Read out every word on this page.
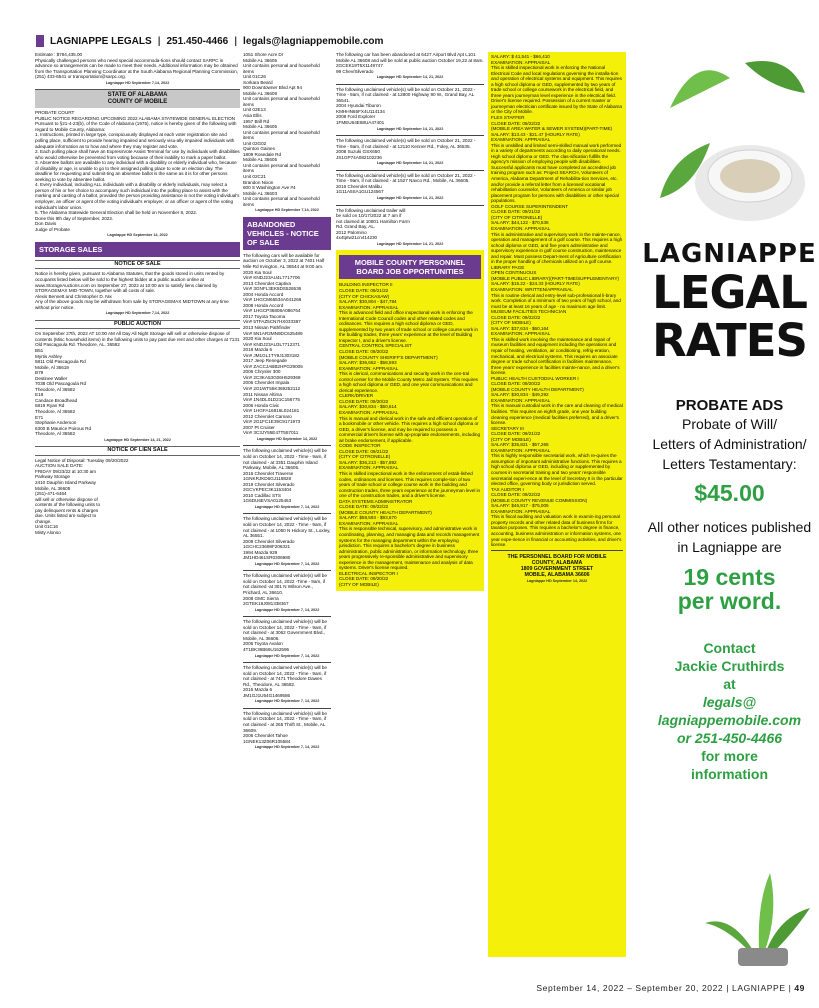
LAGNIAPPE LEGALS | 251.450-4466 | legals@lagniappemobile.com

Estimate : $794,435.00
Physically challenged persons who need special accommoda-tions should contact SARPC in advance so arrangements can be made to meet their needs. Additional information may be obtained from the Transportation Planning Coordinator at the South Alabama Regional Planning Commission, (251) 433-6541 or transportation@sarpc.org.

Lagniappe HD September 7,14, 2022

STATE OF ALABAMA
COUNTY OF MOBILE

PROBATE COURT
PUBLIC NOTICE REGARDING UPCOMING 2022 ALABAMA STATEWIDE GENERAL ELECTION
Pursuant to §21-4-23(b), of the Code of Alabama (1975), notice is hereby given of the following with regard to Mobile County, Alabama:
1. Instructions, printed in large type, conspicuously displayed at each voter registration site and polling place, sufficient to provide hearing impaired and seriously visu-ally impaired individuals with adequate information as to how and where they may register and vote.
2. Each polling place shall have an ExpressVote Assist Terminal for use by individuals with disabilities who would otherwise be prevented from voting because of their inability to mark a paper ballot.
3. Absentee ballots are available to any individual with a disability or elderly individual who, because of disability or age, is unable to go to their assigned polling place to vote on election day. The deadline for requesting and submit-ting an absentee ballot is the same as it is for other persons seeking to vote by absentee ballot.
4. Every individual, including ALL individuals with a disability or elderly individuals, may select a person of his or her choice to accompany such individual into the polling place to assist with the marking and casting of a ballot, provided the person providing assistance is not the voting individual's employer, an officer or agent of the voting individual's employer, or an officer or agent of the voting individual's labor union.
5. The Alabama Statewide General Election shall be held on November 8, 2022.
Done this 9th day of September, 2022.
Don Davis
Judge of Probate

Lagniappe HD September 14, 2022
STORAGE SALES
NOTICE OF SALE

Notice is hereby given, pursuant to Alabama Statutes, that the goods stored in units rented by occupants listed below will be sold to the highest bidder at a public auction online at www.StorageAuctions.com on September 27, 2022 at 10:00 am to satisfy liens claimed by STORAGEMAX MID-TOWN, together with all costs of sale.
Alexis Bennett and Christopher D. Nix
Any of the above goods may be withdrawn from sale by STORAGEMAX MIDTOWN at any time without prior notice.

Lagniappe HD September 7,14, 2022
PUBLIC AUCTION

On September 27th, 2022 AT 10:00 AM All Day All Night Storage will sell or otherwise dispose of contents (Misc household items) in the following units to pay past due rent and other charges at 7131 Old Pascagoula Rd. Theodore, AL. 36582
B51
Myrtis Ashley
5811 Old Pascagoula Rd
Mobile, Al 36619
B79
Destinee Waller
7038 Old Pascagoula Rd
Theodore, Al 36582
E18
Candace Broadhead
6819 Ryan Rd
Theodore, Al 36582
E71
Stephanie Anderson
6300 B Maurice Poiroux Rd
Theodore, Al 36582

Lagniappe HD September 14, 21, 2022
NOTICE OF LIEN SALE

Legal Notice of Disposal: Tuesday 09/20/2022
AUCTION SALE DATE:
FRIDAY 09/23/22 at 10:30 am
Parkway Storage
2410 Dauphin Island Parkway
Mobile, AL 36605
(251)-471-6464
will sell or otherwise dispose of
contents of the following units to
pay delinquent rents & charges
due. Units listed are subject to
change.
Unit 01C16
Misty Alonso

1051 Shore Acre Dr
Mobile AL 36605
Unit contains personal and household items
Unit 01C26
Sorkara Beard
900 Downtowner Blvd Apt 94
Mobile AL 36609
Unit contains personal and household items
Unit 02E13
Asia Ellis
1957 Brill Rd
Mobile AL 36605
Unit contains personal and household items
Unit 02G02
Quinton Gaines
1809 Rosedale Rd
Mobile AL 36605
Unit contains personal and household items
Unit 02C21
Brandon Nixon
600 S Washington Ave #4
Mobile AL 36603
Unit contains personal and household items

Lagniappe HD September 7,14, 2022
ABANDONED VEHICLES - NOTICE OF SALE

The following cars will be available for auction on October 3, 2022 at 7401 Half Mile Rd Irvington, AL 36544 at 9:00 am.
2020 Kia Soul
Vin# KNDJ23AU4L7717706
2013 Chevrolet Captiva
Vin# 3GNFL3EK5DS526536
2004 Honda Accord
Vin# 1HGCM66534A041268
2008 Honda Accord
Vin# 1HGCP36808A086764
2017 Toyota Tacoma
Vin# 5TFAZ5CN7HX033387
2013 Nissan Pathfinder
Vin# 5N1AR2MN9DC625489
2020 Kia Soul
Vin# KNDJ23AU3L7712371
2018 Mazda 6
Vin# JM1GL1TY9J1303182
2017 Jeep Renegade
Vin# ZACCJABB2HPG29005
2006 Chrysler 300
Vin# 2C3KA53G06H529369
2006 Chevrolet Impala
Vin# 2G1WT55K369252112
2011 Nissan Altima
Vin# 1N4DL01D21C156775
2006 Honda Civic
Vin# 1HGFA16816L024181
2012 Chevrolet Camaro
Vin# 2G1FC1E39C9171973
2007 Pt Cruiser
Vin# 3C3JY55E47T557011

Lagniappe HD September 14, 2022

The following unclaimed vehicle(s) will be sold on October 14, 2022 - Time - 9am, if not claimed - at 3351 Dauphin Island Parkway, Mobile, AL 36605.
2016 Chevrolet Traverse
1GNKRJKD6GJ118828
2019 Chevrolet Silverado
2GCVKPEC3K1153404
2010 Cadillac STS
1G6DU6EVSA0125463

Lagniappe HD September 7, 14, 2022

The following unclaimed vehicle(s) will be sold on October 14, 2022 - Time - 9am, if not claimed - at 1050 N Hickory St., Loxley, AL 36551.
2008 Chevrolet Silverado
1GCHC23698F206321
1994 Mazda 929
JM1HD461SR0306980

Lagniappe HD September 7, 14, 2022

The following unclaimed vehicle(s) will be sold on October 14, 2022 -Time - 9am, if not claimed -at 301 N Wilson Ave., Prichard, AL 36610.
2008 GMC Sierra
2GTEK19J081338367

Lagniappe HD September 7, 14, 2022

The following unclaimed vehicle(s) will be sold on October 14, 2022 - Time - 9am, if not claimed - at 3062 Government Blvd., Mobile, AL 36606.
2006 Toyota Avalon
4T1BK36B66U162595

Lagniappe HD September 7, 14, 2022

The following unclaimed vehicle(s) will be sold on October 14, 2022 - Time - 9am, if not claimed - at 7471 Theodore Dawes Rd., Theodore, AL 36582.
2016 Mazda 6
JM1GJ1U54G1469586

Lagniappe HD September 7, 14, 2022

The following unclaimed vehicle(s) will be sold on October 14, 2022 - Time - 9am, if not claimed - at 265 Thrift St., Mobile, AL 36609.
2006 Chevrolet Tahoe
1GNEK13Z06R105584

Lagniappe HD September 7, 14, 2022

The following car has been abandoned at 6427 Airport Blvd Apt L101 Mobile AL 36608 and will be sold at public auction October 19,22 at 8am.
2GCEK19T5X1149747
99 Chev/Silverado

Lagniappe HD September 14, 21, 2022

The following unclaimed vehicle(s) will be sold on October 21, 2022 - Time - 9am, if not claimed - at 12800 Highway 90 W., Grand Bay, AL 36541.
2004 Hyundai Tiburon
KMHHN65FX4U114134
2008 Ford Explorer
1FMEU64E68UA47401

Lagniappe HD September 14, 21, 2022

The following unclaimed vehicle(s) will be sold on October 21, 2022 - Time - 9am, if not claimed - at 12110 Kenner Rd., Foley, AL 36535.
2008 Suzuki GSX650
JS1GP74A082102236

Lagniappe HD September 14, 21, 2022

The following unclaimed vehicle(s) will be sold on October 21, 2022 - Time - 9am, if not claimed - at 1527 Navco Rd., Mobile, AL 36605.
2016 Chevrolet Malibu
1G11A5SA1GU124567

Lagniappe HD September 14, 21, 2022

The following unclaimed trailer will
be sold on 10/17/2022 at 7 am if
not claimed at 10801 Hamilton Farm
Rd. Grand Bay, AL.
2012 Palomino
4x4tptw21cn414230

Lagniappe HD September 14, 21, 2022

MOBILE COUNTY PERSONNEL
BOARD JOB OPPORTUNITIES

BUILDING INSPECTOR II
CLOSE DATE: 09/21/22
(CITY OF CHICKASAW)
SALARY: $30,804 - $47,784
EXAMINATION: APPRAISAL
This is advanced field and office inspectional work in enforcing the International Code Council codes and other related codes and ordinances. This requires a high school diploma or GED, supplemented by two years of trade school or college course work in the building trades, three years' experience at the level of Building Inspector I, and a driver's license.
CENTRAL CONTROL SPECIALIST
CLOSE DATE: 09/20/22
(MOBILE COUNTY SHERIFF'S DEPARTMENT)
SALARY: $36,652 - $58,593
EXAMINATION: APPRAISAL
This is clerical, communications and security work in the cen-tral control center for the Mobile County Metro Jail System. This requires a high school diploma or GED, and one year communications and clerical experience.
CLERK/DRIVER
CLOSE DATE: 09/20/22
SALARY: $30,834 - $50,614
EXAMINATION: APPRAISAL
This is manual and clerical work in the safe and efficient operation of a bookmobile or other vehicle. This requires a high school diploma or GED, a driver's license, and may be required to possess a commercial driver's license with ap-propriate endorsements, including air brake endorsement, if applicable.
CODE INSPECTOR
CLOSE DATE: 09/21/22
(CITY OF CITRONELLE)
SALARY: $36,213 - $57,892
EXAMINATION: APPRAISAL
This is skilled inspectional work in the enforcement of estab-lished codes, ordinances and licenses. This requires comple-tion of two years of trade school or college course work in the building and construction trades, three years experience at the journeyman level in one of the construction trades, and a driver's license.
DATA SYSTEMS ADMINISTRATOR
CLOSE DATE: 09/22/22
(MOBILE COUNTY HEALTH DEPARTMENT)
SALARY: $58,593 - $93,670
EXAMINATION: APPRAISAL
This is responsible technical, supervisory, and administrative work in coordinating, planning, and managing data and records management systems for the managing department within the employing jurisdiction. This requires a bachelor's degree in business administration, public administration, or information technology, three years progressively re-sponsible administrative and supervisory experience in the management, maintenance and analysis of data systems. Driver's license required.
ELECTRICAL INSPECTOR I
CLOSE DATE: 09/20/22
(CITY OF MOBILE)

SALARY: $ 41,541 - $66,410
EXAMINATION: APPRAISAL
This is skilled inspectional work in enforcing the National Electrical Code and local regulations governing the installa-tion and operation of electrical systems and equipment. This requires a high school diploma or GED, supplemented by two years of trade school or college coursework in the electrical field, and three years journeyman level experience in the electrical field. Driver's license required. Possession of a current master or journeyman electrician certificate issued by the State of Alabama or the City of Mobile.
FLEX STAFFER
CLOSE DATE: 09/22/22
(MOBILE AREA WATER & SEWER SYSTEM)(PART-TIME)
SALARY: $13.43 - $21.47 (HOURLY RATE)
EXAMINATION: APPRAISAL
This is unskilled and limited semi-skilled manual work performed in a variety of departments according to daily operational needs. High school diploma or GED. The clas-sification fulfills the agency's mission of employing people with disabilities. Successful applicants must have completed an accredited job training program such as: Project SEARCH, Volunteers of America, Alabama Department of Rehabilita-tion Services, etc. and/or provide a referral letter from a licensed vocational rehabilitation counselor, Volunteers of America or similar job placement program for persons with disabilities or other special populations.
GOLF COURSE SUPERINTENDENT
CLOSE DATE: 09/21/22
(CITY OF CITRONELLE)
SALARY: $44,122 - $70,536
EXAMINATION: APPRAISAL
This is administrative and supervisory work in the mainte-nance, operation and management of a golf course. This requires a high school diploma or GED, and five years administrative and supervisory experience in golf course construction, maintenance and repair. Must possess Depart-ment of Agriculture certification in the proper handling of chemicals utilized on a golf course.
LIBRARY PAGE
OPEN CONTINUOUS
(MOBILE PUBLIC LIBRARY)(PART-TIME/SUPPLEMENTARY)
SALARY: $15.22 - $24.33 (HOURLY RATE)
EXAMINATION: WRITTEN/APPRAISAL
This is routine clerical and entry-level sub-professional li-brary work. Completion of a minimum of two years of high school, and must be at least 16 years of age - no maximum age limit.
MUSEUM FACILITIES TECHNICIAN
CLOSE DATE: 09/22/22
(CITY OF MOBILE)
SALARY: $37,634 - $60,164
EXAMINATION: APPRAISAL
This is skilled work involving the maintenance and repair of museum facilities and equipment including the operations and repair of heating, ventilation, air conditioning, refrig-eration, mechanical, and electrical systems. This requires an associate degree or trade school certification in facilities maintenance, three years' experience in facilities mainte-nance, and a driver's license.
PUBLIC HEALTH CUSTODIAL WORKER I
CLOSE DATE: 09/20/22
(MOBILE COUNTY HEALTH DEPARTMENT)
SALARY: $30,834 - $49,292
EXAMINATION: APPRAISAL
This is manual custodial work in the care and cleaning of medical facilities. This requires an eighth grade, one year building cleaning experience (medical facilities preferred), and a driver's license.
SECRETARY III
CLOSE DATE: 09/21/22
(CITY OF MOBILE)
SALARY: $35,821 - $57,265
EXAMINATION: APPRAISAL
This is highly responsible secretarial work, which re-quires the assumption of important administrative functions. This requires a high school diploma or GED, including or supplemented by courses in secretarial training and two years' responsible secretarial experi-ence at the level of Secretary II in the particular elected office, governing body or jurisdiction served.
TAX AUDITOR I
CLOSE DATE: 09/22/22
(MOBILE COUNTY REVENUE COMMISSION)
SALARY: $46,917 - $75,005
EXAMINATION: APPRAISAL
This is fiscal auditing and valuation work in examin-ing personal property records and other related data of business firms for taxation purposes. This requires a bachelor's degree in finance, accounting, business administration or information systems, one year expe-rience in financial or accounting activities, and driver's license.

THE PERSONNEL BOARD FOR MOBILE
COUNTY, ALABAMA
1809 GOVERNMENT STREET
MOBILE, ALABAMA 36606

Lagniappe HD September 14, 2022
LAGNIAPPE
LEGAL
RATES
PROBATE ADS
Probate of Will/
Letters of Administration/
Letters Testamentary:
$45.00
All other notices published
in Lagniappe are
19 cents
per word.
Contact
Jackie Cruthirds
at
legals@
lagniappemobile.com
or 251-450-4466
for more
information
September 14, 2022 – September 20, 2022 | LAGNIAPPE | 49
